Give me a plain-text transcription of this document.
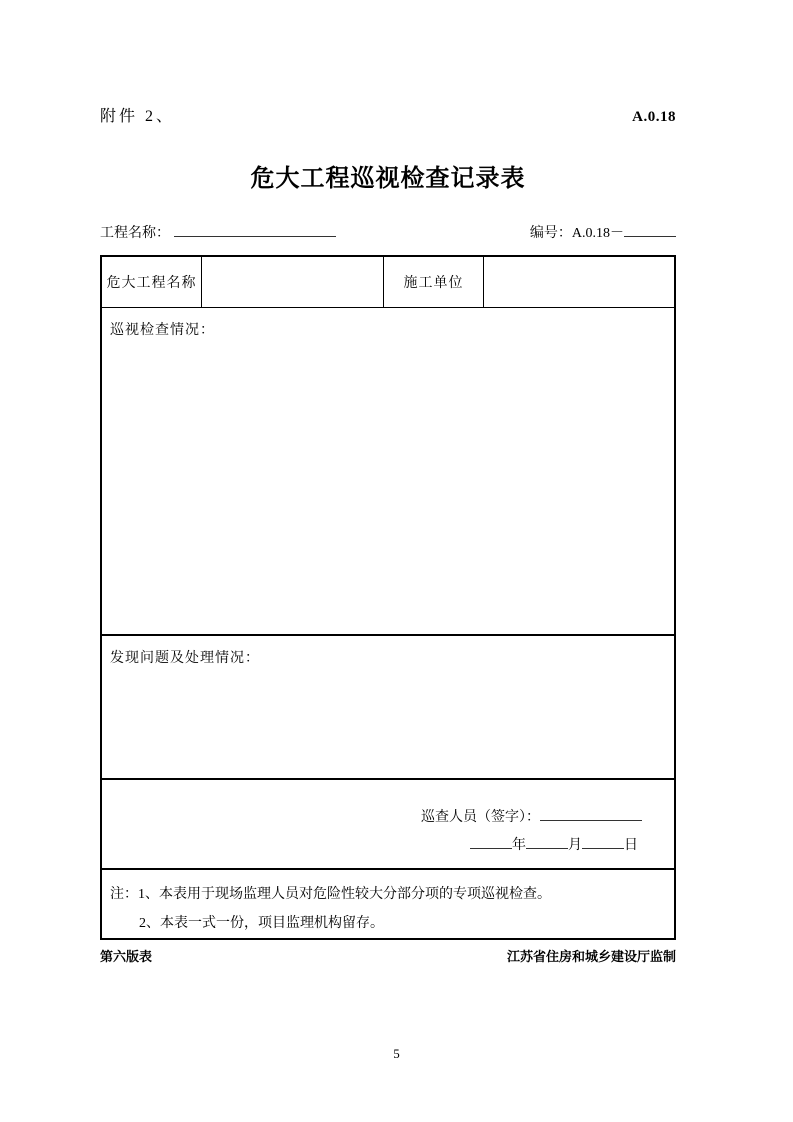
附件 2、	A.0.18
危大工程巡视检查记录表
工程名称：	编号：A.0.18－
危大工程名称	施工单位
巡视检查情况：
发现问题及处理情况：
巡查人员（签字）：
年	月	日
注：1、本表用于现场监理人员对危险性较大分部分项的专项巡视检查。
2、本表一式一份，项目监理机构留存。
第六版表	江苏省住房和城乡建设厅监制
5
